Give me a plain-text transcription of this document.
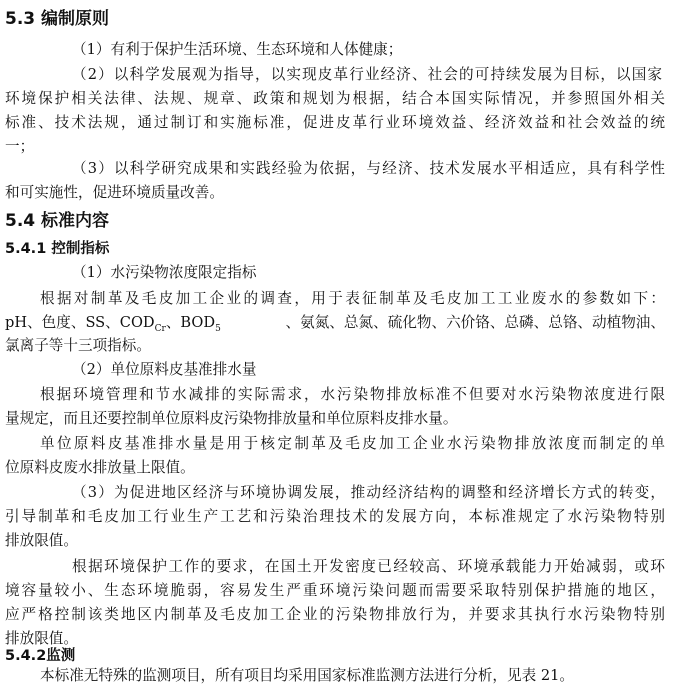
5.3 编制原则
（1）有利于保护生活环境、生态环境和人体健康；
（2）以科学发展观为指导，以实现皮革行业经济、社会的可持续发展为目标，以国家
环境保护相关法律、法规、规章、政策和规划为根据，结合本国实际情况，并参照国外相关
标准、技术法规，通过制订和实施标准，促进皮革行业环境效益、经济效益和社会效益的统
一；
（3）以科学研究成果和实践经验为依据，与经济、技术发展水平相适应，具有科学性
和可实施性，促进环境质量改善。
5.4 标准内容
5.4.1 控制指标
（1）水污染物浓度限定指标
根据对制革及毛皮加工企业的调查，用于表征制革及毛皮加工工业废水的参数如下：
pH、色度、SS、$COD_{Cr}$、$BOD_5$	、氨氮、总氮、硫化物、六价铬、总磷、总铬、动植物油、
氯离子等十三项指标。
（2）单位原料皮基准排水量
根据环境管理和节水减排的实际需求，水污染物排放标准不但要对水污染物浓度进行限
量规定，而且还要控制单位原料皮污染物排放量和单位原料皮排水量。
单位原料皮基准排水量是用于核定制革及毛皮加工企业水污染物排放浓度而制定的单
位原料皮废水排放量上限值。
（3）为促进地区经济与环境协调发展，推动经济结构的调整和经济增长方式的转变，
引导制革和毛皮加工行业生产工艺和污染治理技术的发展方向，本标准规定了水污染物特别
排放限值。
根据环境保护工作的要求，在国土开发密度已经较高、环境承载能力开始减弱，或环
境容量较小、生态环境脆弱，容易发生严重环境污染问题而需要采取特别保护措施的地区，
应严格控制该类地区内制革及毛皮加工企业的污染物排放行为，并要求其执行水污染物特别
排放限值。
5.4.2监测
本标准无特殊的监测项目，所有项目均采用国家标准监测方法进行分析，见表 21。
